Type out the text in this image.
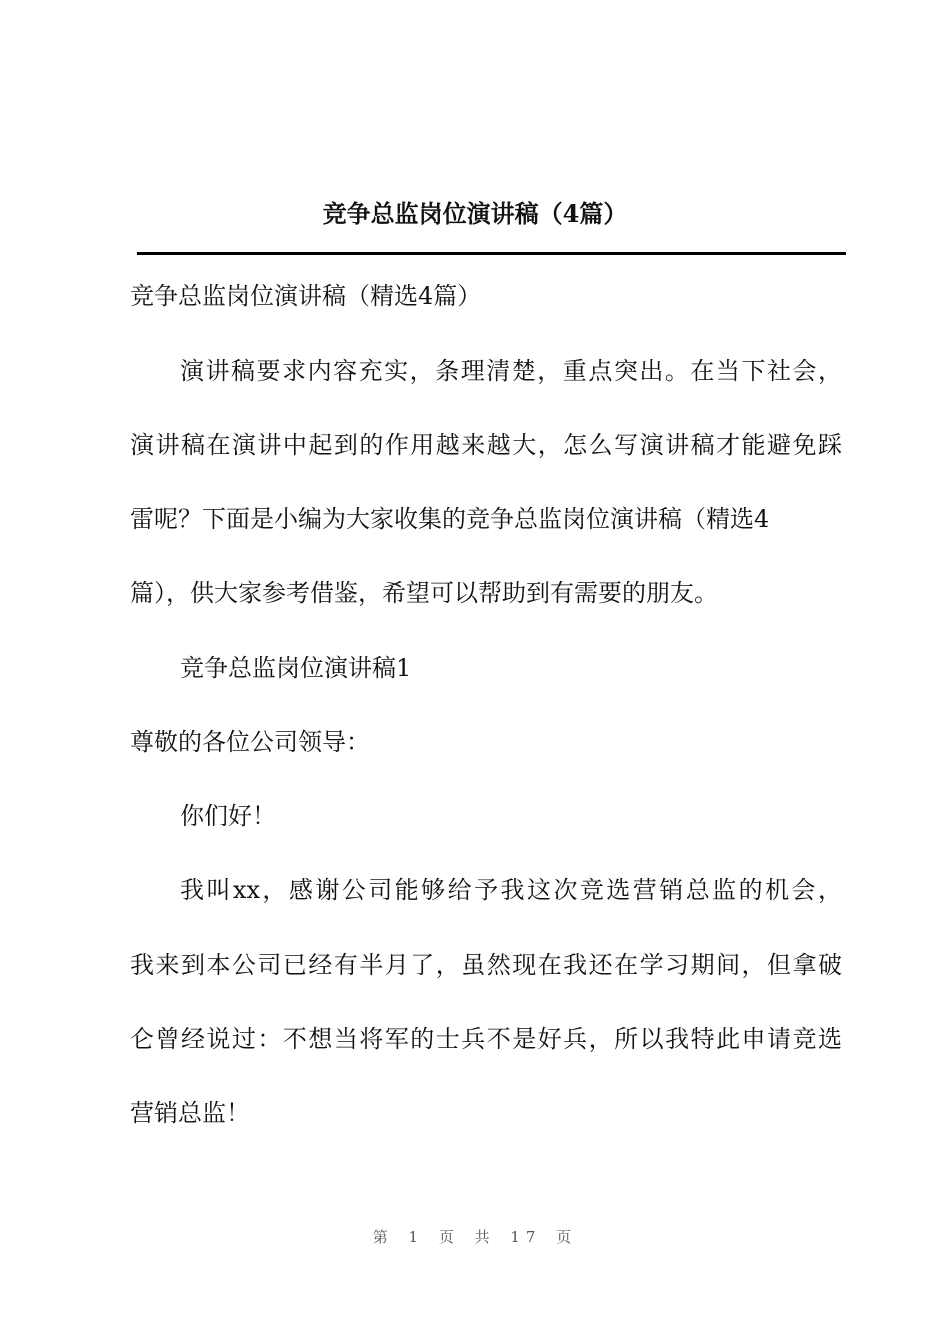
竞争总监岗位演讲稿（4篇）
竞争总监岗位演讲稿（精选4篇）
演讲稿要求内容充实，条理清楚，重点突出。在当下社会，
演讲稿在演讲中起到的作用越来越大，怎么写演讲稿才能避免踩
雷呢？下面是小编为大家收集的竞争总监岗位演讲稿（精选4
篇），供大家参考借鉴，希望可以帮助到有需要的朋友。
竞争总监岗位演讲稿1
尊敬的各位公司领导：
你们好！
我叫xx，感谢公司能够给予我这次竞选营销总监的机会，
我来到本公司已经有半月了，虽然现在我还在学习期间，但拿破
仑曾经说过：不想当将军的士兵不是好兵，所以我特此申请竞选
营销总监！
第 1 页 共 17 页
